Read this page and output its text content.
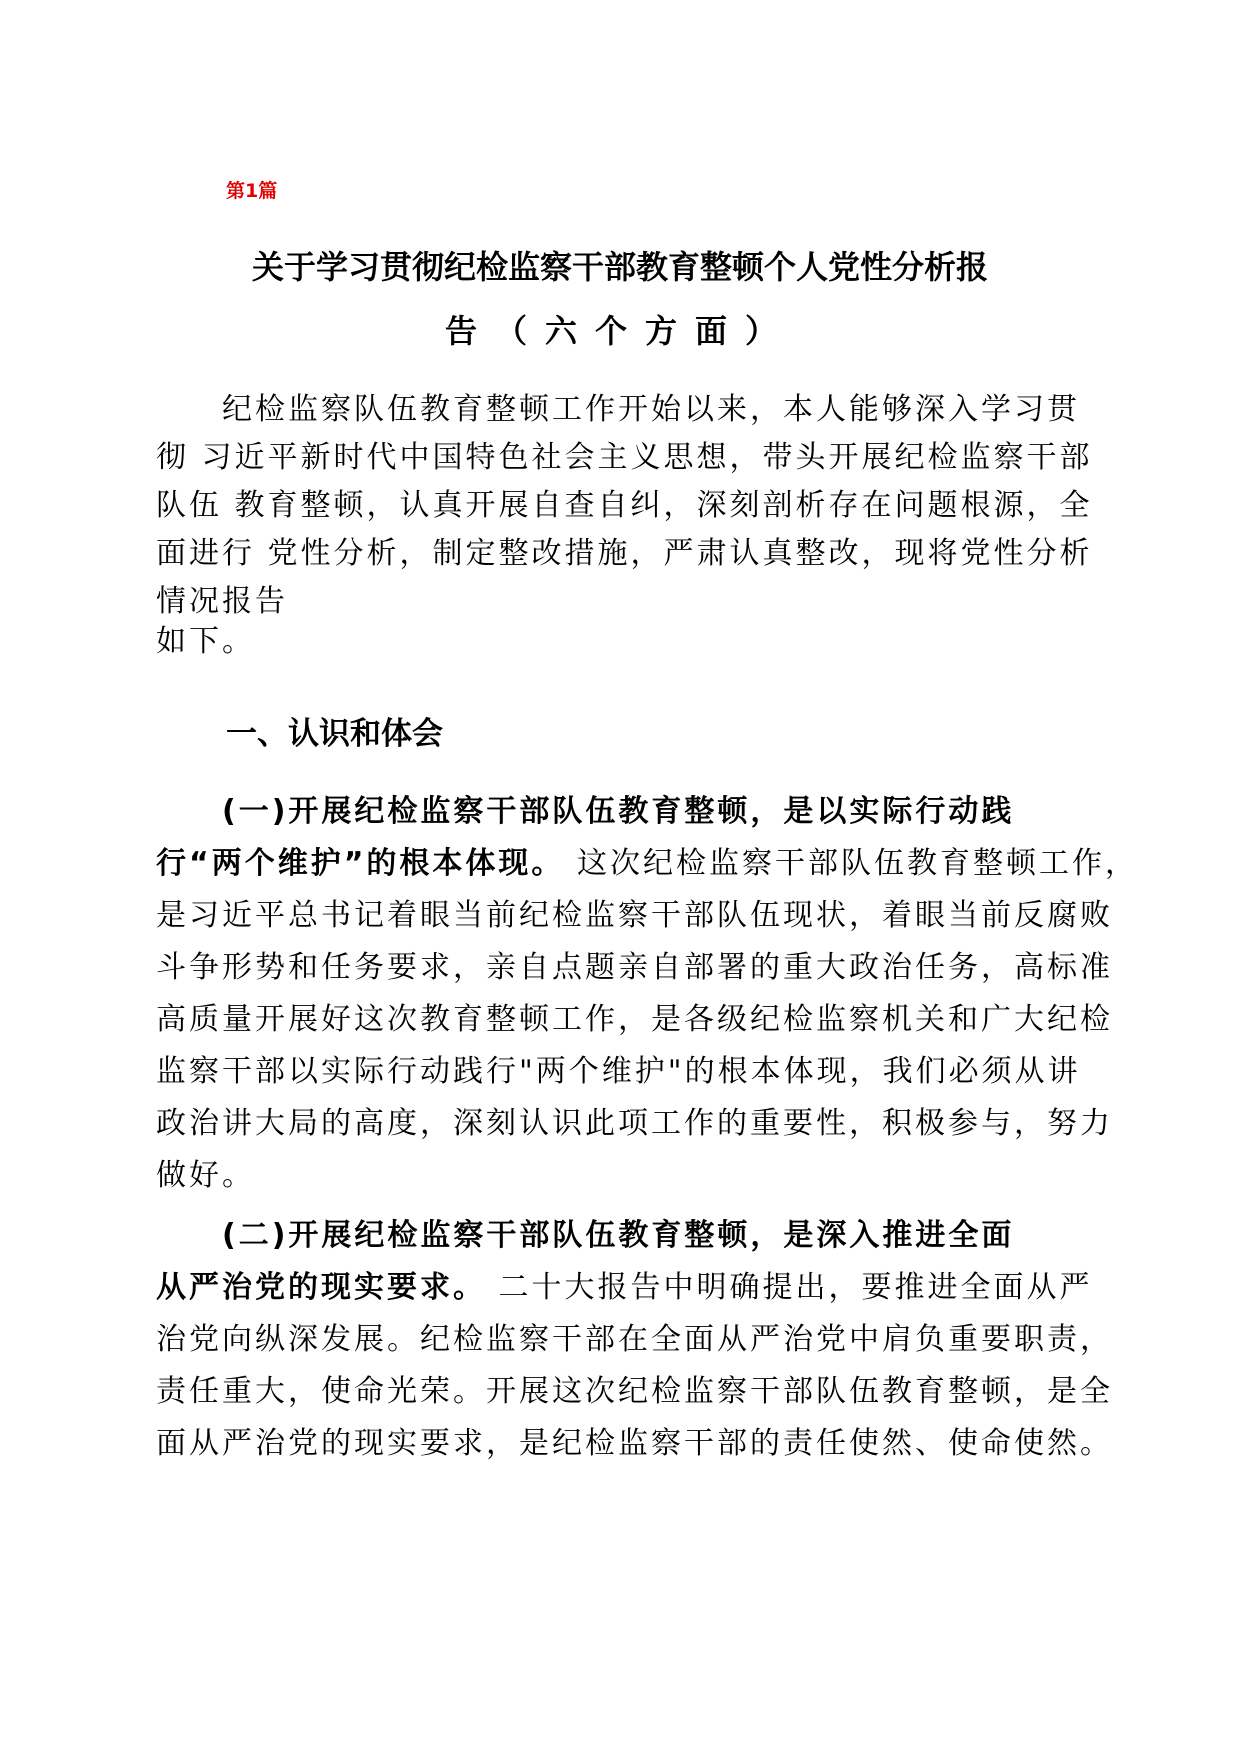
第1篇
关于学习贯彻纪检监察干部教育整顿个人党性分析报
告（六个方面）
　　纪检监察队伍教育整顿工作开始以来，本人能够深入学习贯
彻 习近平新时代中国特色社会主义思想，带头开展纪检监察干部
队伍 教育整顿，认真开展自查自纠，深刻剖析存在问题根源，全
面进行 党性分析，制定整改措施，严肃认真整改，现将党性分析
情况报告
如下。
一、认识和体会
　　(一)开展纪检监察干部队伍教育整顿，是以实际行动践
行“两个维护”的根本体现。 这次纪检监察干部队伍教育整顿工作，
是习近平总书记着眼当前纪检监察干部队伍现状，着眼当前反腐败
斗争形势和任务要求，亲自点题亲自部署的重大政治任务，高标准
高质量开展好这次教育整顿工作，是各级纪检监察机关和广大纪检
监察干部以实际行动践行"两个维护"的根本体现，我们必须从讲
政治讲大局的高度，深刻认识此项工作的重要性，积极参与，努力
做好。
　　(二)开展纪检监察干部队伍教育整顿，是深入推进全面
从严治党的现实要求。 二十大报告中明确提出，要推进全面从严
治党向纵深发展。纪检监察干部在全面从严治党中肩负重要职责，
责任重大，使命光荣。开展这次纪检监察干部队伍教育整顿，是全
面从严治党的现实要求，是纪检监察干部的责任使然、使命使然。
